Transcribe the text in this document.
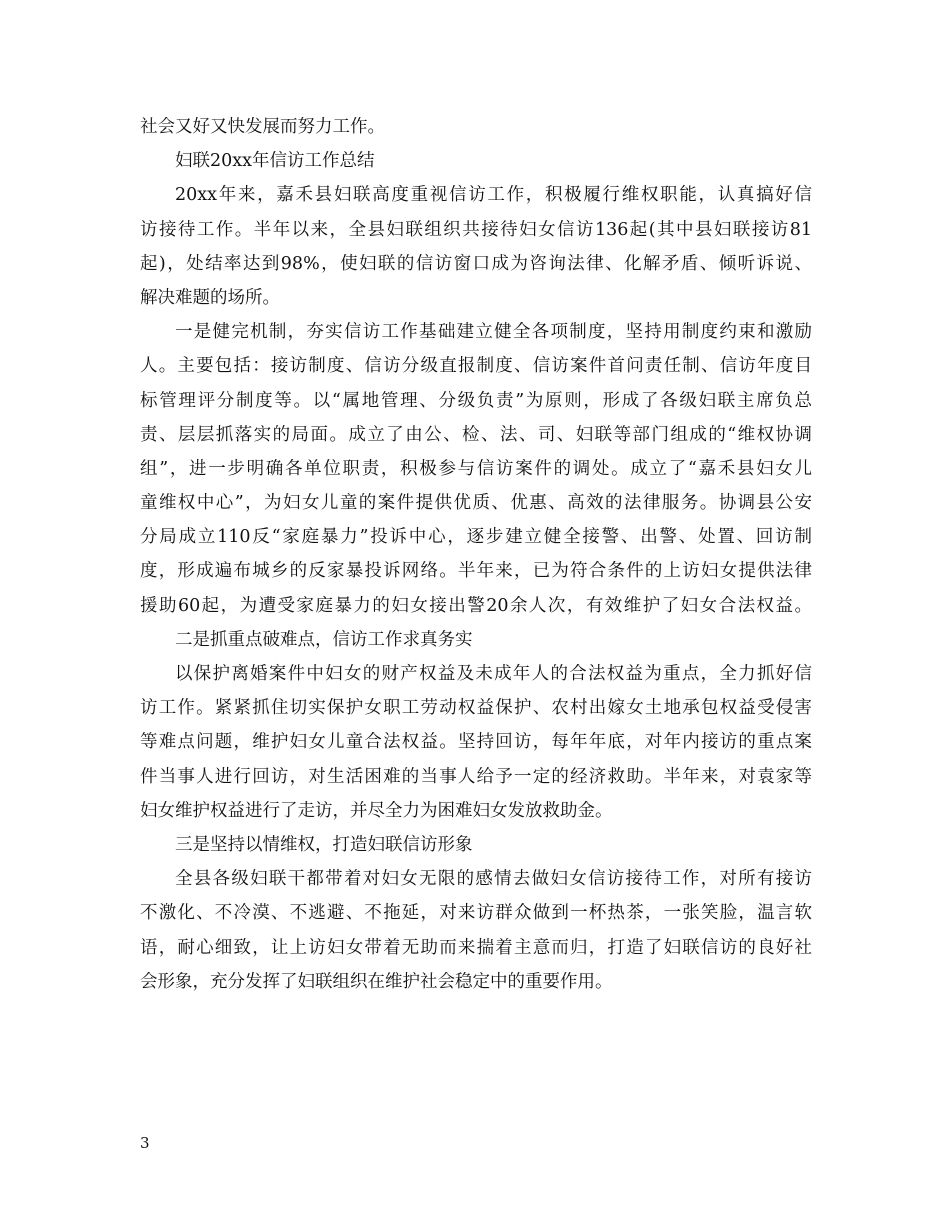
社会又好又快发展而努力工作。
妇联20xx年信访工作总结
20xx年来，嘉禾县妇联高度重视信访工作，积极履行维权职能，认真搞好信
访接待工作。半年以来，全县妇联组织共接待妇女信访136起(其中县妇联接访81
起)，处结率达到98%，使妇联的信访窗口成为咨询法律、化解矛盾、倾听诉说、
解决难题的场所。
一是健完机制，夯实信访工作基础建立健全各项制度，坚持用制度约束和激励
人。主要包括：接访制度、信访分级直报制度、信访案件首问责任制、信访年度目
标管理评分制度等。以“属地管理、分级负责”为原则，形成了各级妇联主席负总
责、层层抓落实的局面。成立了由公、检、法、司、妇联等部门组成的“维权协调
组”，进一步明确各单位职责，积极参与信访案件的调处。成立了“嘉禾县妇女儿
童维权中心”，为妇女儿童的案件提供优质、优惠、高效的法律服务。协调县公安
分局成立110反“家庭暴力”投诉中心，逐步建立健全接警、出警、处置、回访制
度，形成遍布城乡的反家暴投诉网络。半年来，已为符合条件的上访妇女提供法律
援助60起，为遭受家庭暴力的妇女接出警20余人次，有效维护了妇女合法权益。
二是抓重点破难点，信访工作求真务实
以保护离婚案件中妇女的财产权益及未成年人的合法权益为重点，全力抓好信
访工作。紧紧抓住切实保护女职工劳动权益保护、农村出嫁女土地承包权益受侵害
等难点问题，维护妇女儿童合法权益。坚持回访，每年年底，对年内接访的重点案
件当事人进行回访，对生活困难的当事人给予一定的经济救助。半年来，对袁家等
妇女维护权益进行了走访，并尽全力为困难妇女发放救助金。
三是坚持以情维权，打造妇联信访形象
全县各级妇联干都带着对妇女无限的感情去做妇女信访接待工作，对所有接访
不激化、不冷漠、不逃避、不拖延，对来访群众做到一杯热茶，一张笑脸，温言软
语，耐心细致，让上访妇女带着无助而来揣着主意而归，打造了妇联信访的良好社
会形象，充分发挥了妇联组织在维护社会稳定中的重要作用。
3
